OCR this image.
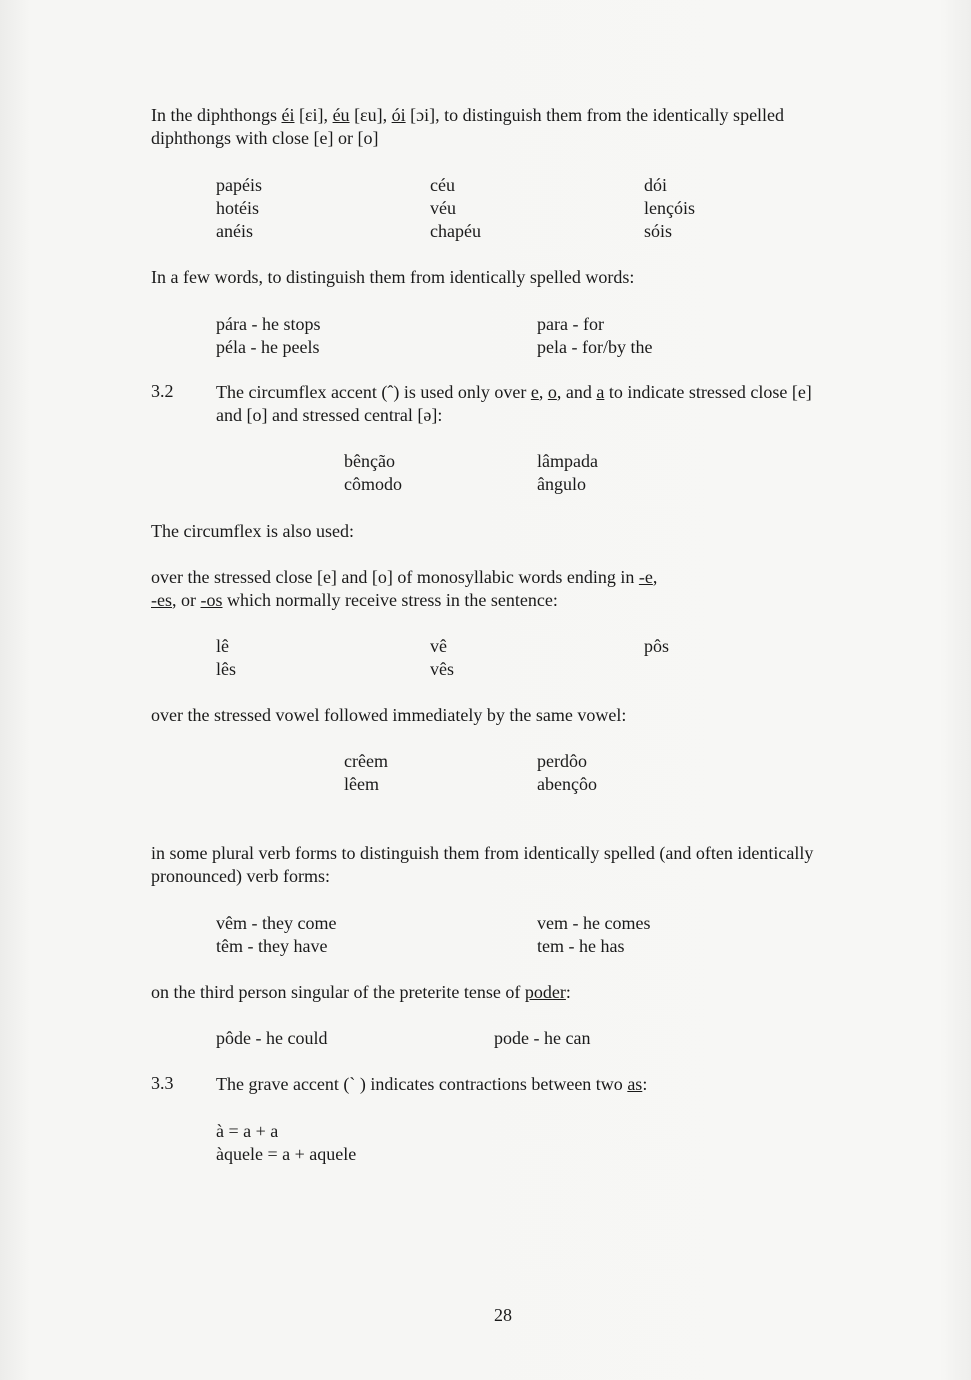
In the diphthongs éi [ɛi], éu [ɛu], ói [ɔi], to distinguish them from the identically spelled
diphthongs with close [e] or [o]
papéis
hotéis
anéis
céu
véu
chapéu
dói
lençóis
sóis
In a few words, to distinguish them from identically spelled words:
pára - he stops
péla - he peels
para - for
pela - for/by the
3.2 The circumflex accent (ˆ) is used only over e, o, and a to indicate stressed close [e]
and [o] and stressed central [ə]:
bênção
cômodo
lâmpada
ângulo
The circumflex is also used:
over the stressed close [e] and [o] of monosyllabic words ending in -e,
-es, or -os which normally receive stress in the sentence:
lê
lês
vê
vês
pôs
over the stressed vowel followed immediately by the same vowel:
crêem
lêem
perdôo
abençôo
in some plural verb forms to distinguish them from identically spelled (and often identically
pronounced) verb forms:
vêm - they come
têm - they have
vem - he comes
tem - he has
on the third person singular of the preterite tense of poder:
pôde - he could	pode - he can
3.3 The grave accent (ˋ ) indicates contractions between two as:
à = a + a
àquele = a + aquele
28
